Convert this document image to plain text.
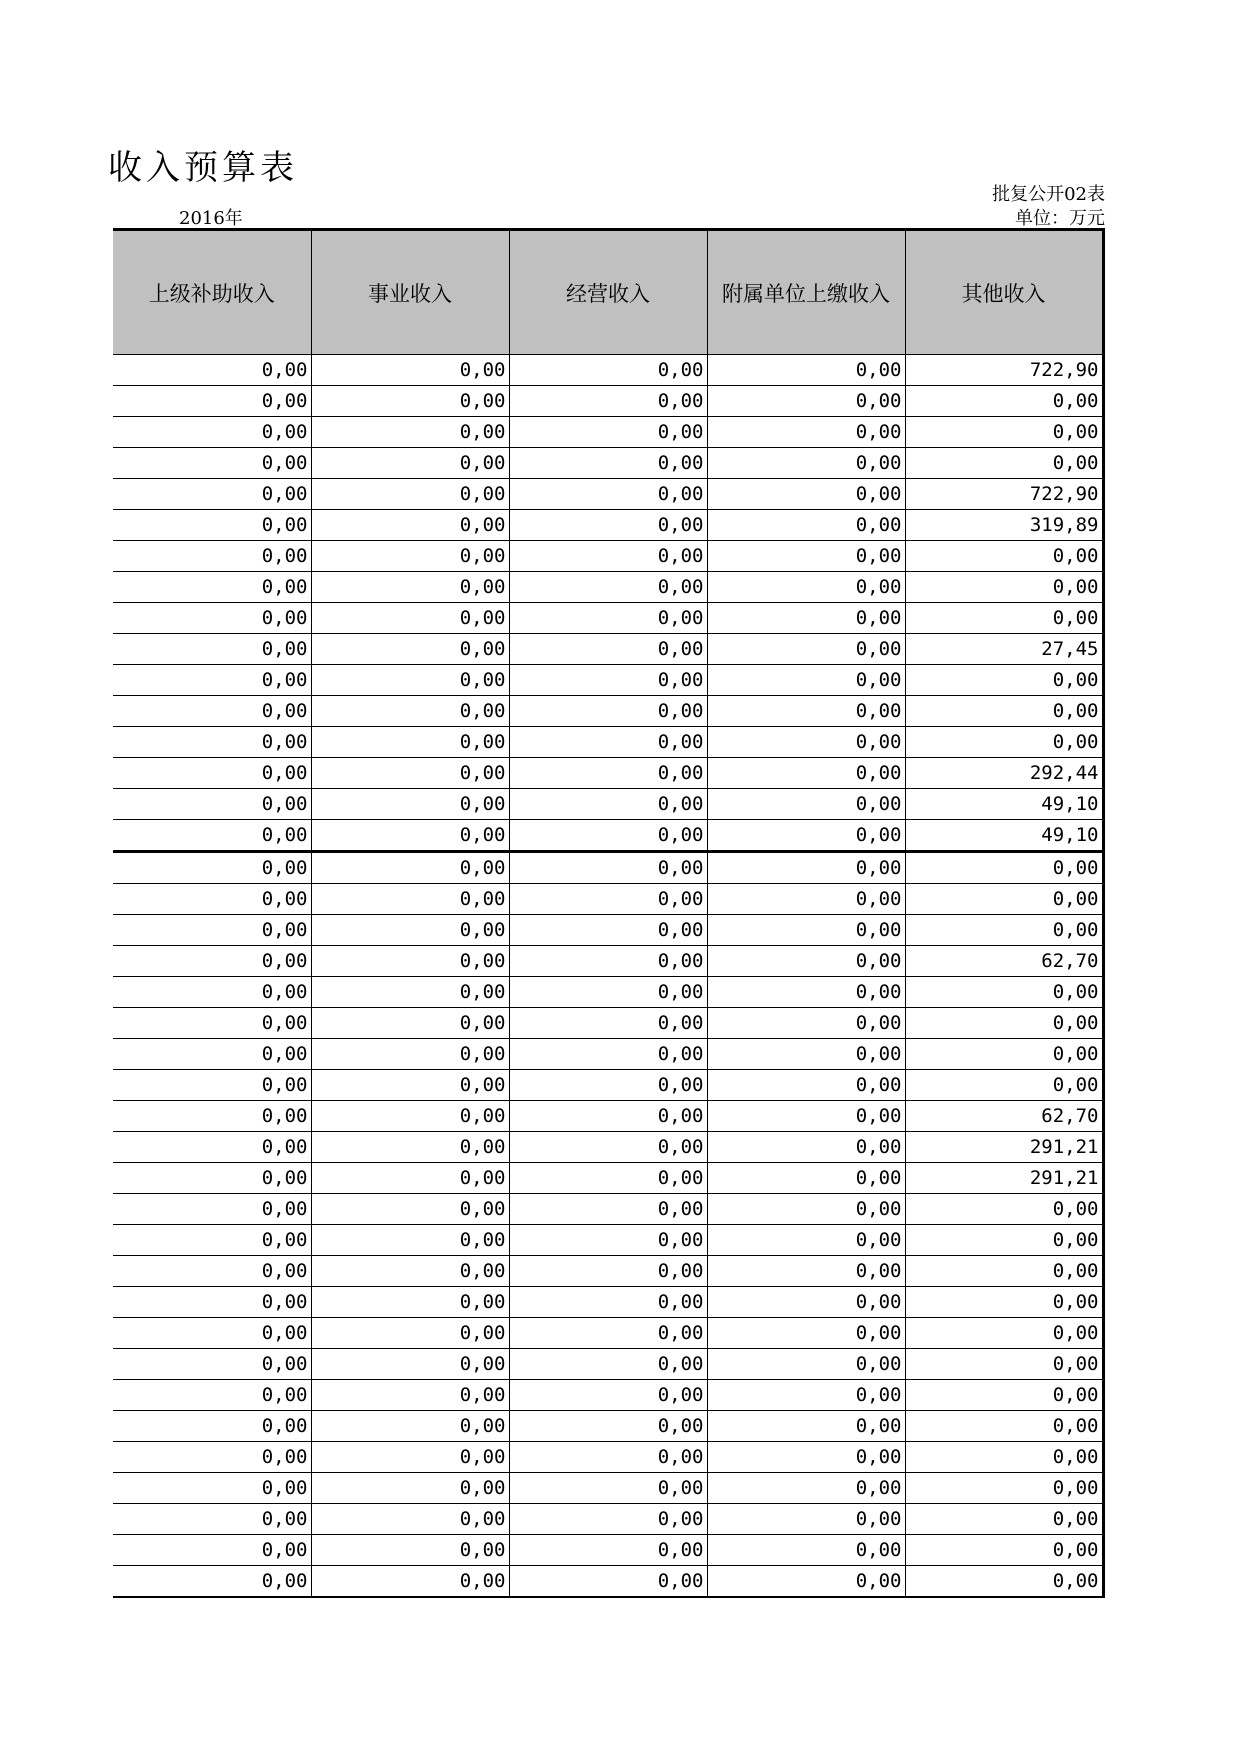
收入预算表
批复公开02表
2016年	单位：万元
上级补助收入	事业收入	经营收入	附属单位上缴收入	其他收入
0,00	0,00	0,00	0,00	722,90
0,00	0,00	0,00	0,00	0,00
0,00	0,00	0,00	0,00	0,00
0,00	0,00	0,00	0,00	0,00
0,00	0,00	0,00	0,00	722,90
0,00	0,00	0,00	0,00	319,89
0,00	0,00	0,00	0,00	0,00
0,00	0,00	0,00	0,00	0,00
0,00	0,00	0,00	0,00	0,00
0,00	0,00	0,00	0,00	27,45
0,00	0,00	0,00	0,00	0,00
0,00	0,00	0,00	0,00	0,00
0,00	0,00	0,00	0,00	0,00
0,00	0,00	0,00	0,00	292,44
0,00	0,00	0,00	0,00	49,10
0,00	0,00	0,00	0,00	49,10
0,00	0,00	0,00	0,00	0,00
0,00	0,00	0,00	0,00	0,00
0,00	0,00	0,00	0,00	0,00
0,00	0,00	0,00	0,00	62,70
0,00	0,00	0,00	0,00	0,00
0,00	0,00	0,00	0,00	0,00
0,00	0,00	0,00	0,00	0,00
0,00	0,00	0,00	0,00	0,00
0,00	0,00	0,00	0,00	62,70
0,00	0,00	0,00	0,00	291,21
0,00	0,00	0,00	0,00	291,21
0,00	0,00	0,00	0,00	0,00
0,00	0,00	0,00	0,00	0,00
0,00	0,00	0,00	0,00	0,00
0,00	0,00	0,00	0,00	0,00
0,00	0,00	0,00	0,00	0,00
0,00	0,00	0,00	0,00	0,00
0,00	0,00	0,00	0,00	0,00
0,00	0,00	0,00	0,00	0,00
0,00	0,00	0,00	0,00	0,00
0,00	0,00	0,00	0,00	0,00
0,00	0,00	0,00	0,00	0,00
0,00	0,00	0,00	0,00	0,00
0,00	0,00	0,00	0,00	0,00
